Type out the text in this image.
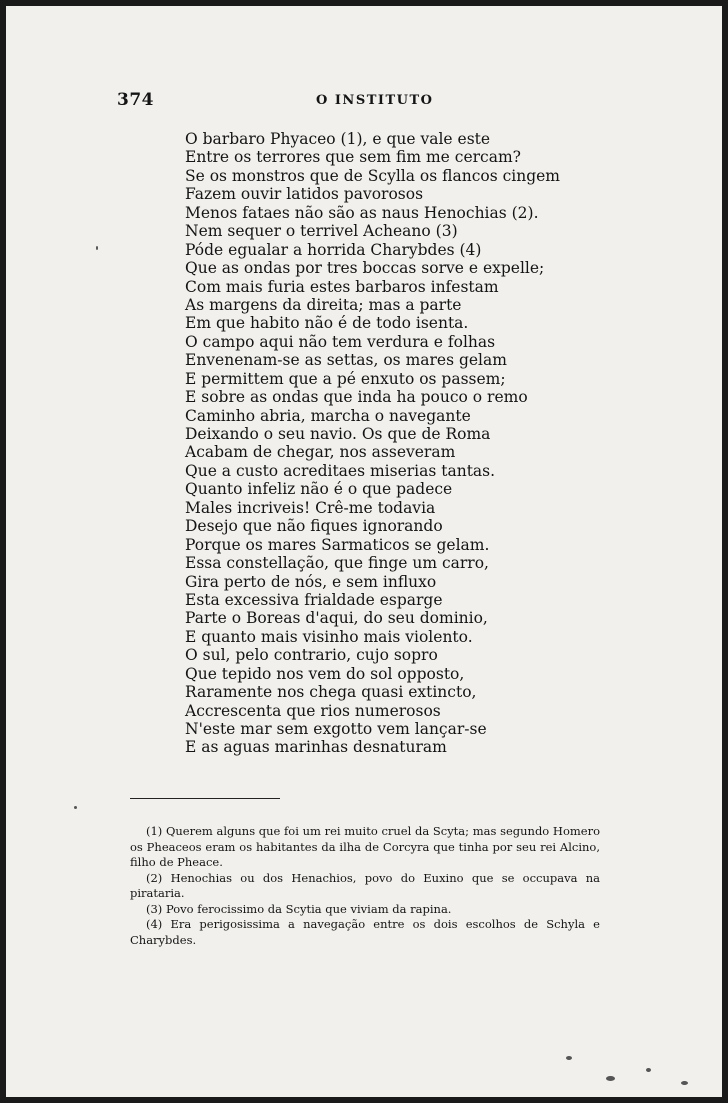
374	O INSTITUTO
O barbaro Phyaceo (1), e que vale este
Entre os terrores que sem fim me cercam?
Se os monstros que de Scylla os flancos cingem
Fazem ouvir latidos pavorosos
Menos fataes não são as naus Henochias (2).
Nem sequer o terrivel Acheano (3)
Póde egualar a horrida Charybdes (4)
Que as ondas por tres boccas sorve e expelle;
Com mais furia estes barbaros infestam
As margens da direita; mas a parte
Em que habito não é de todo isenta.
O campo aqui não tem verdura e folhas
Envenenam-se as settas, os mares gelam
E permittem que a pé enxuto os passem;
E sobre as ondas que inda ha pouco o remo
Caminho abria, marcha o navegante
Deixando o seu navio. Os que de Roma
Acabam de chegar, nos asseveram
Que a custo acreditaes miserias tantas.
Quanto infeliz não é o que padece
Males incriveis! Crê-me todavia
Desejo que não fiques ignorando
Porque os mares Sarmaticos se gelam.
Essa constellação, que finge um carro,
Gira perto de nós, e sem influxo
Esta excessiva frialdade esparge
Parte o Boreas d'aqui, do seu dominio,
E quanto mais visinho mais violento.
O sul, pelo contrario, cujo sopro
Que tepido nos vem do sol opposto,
Raramente nos chega quasi extincto,
Accrescenta que rios numerosos
N'este mar sem exgotto vem lançar-se
E as aguas marinhas desnaturam

(1) Querem alguns que foi um rei muito cruel da Scyta; mas segundo Homero os Pheaceos eram os habitantes da ilha de Corcyra que tinha por seu rei Alcino, filho de Pheace.

(2) Henochias ou dos Henachios, povo do Euxino que se occupava na pirataria.

(3) Povo ferocissimo da Scytia que viviam da rapina.

(4) Era perigosissima a navegação entre os dois escolhos de Schyla e Charybdes.
